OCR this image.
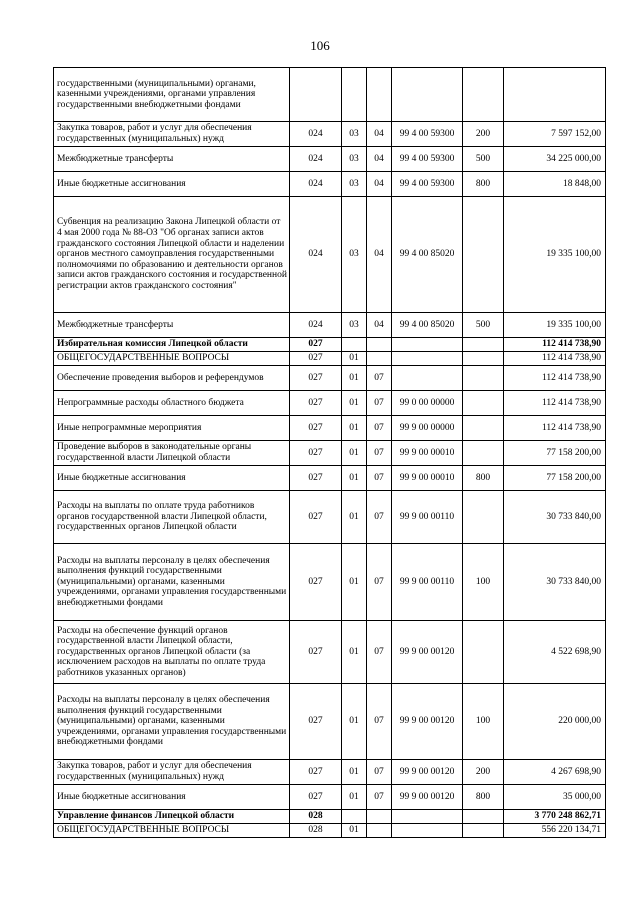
106
государственными (муниципальными) органами, казенными учреждениями, органами управления государственными внебюджетными фондами						
Закупка товаров, работ и услуг для обеспечения государственных (муниципальных) нужд	024	03	04	99 4 00 59300	200	7 597 152,00
Межбюджетные трансферты	024	03	04	99 4 00 59300	500	34 225 000,00
Иные бюджетные ассигнования	024	03	04	99 4 00 59300	800	18 848,00
Субвенция на реализацию Закона Липецкой области от 4 мая 2000 года № 88-ОЗ "Об органах записи актов гражданского состояния Липецкой области и наделении органов местного самоуправления государственными полномочиями по образованию и деятельности органов записи актов гражданского состояния и государственной регистрации актов гражданского состояния"	024	03	04	99 4 00 85020		19 335 100,00
Межбюджетные трансферты	024	03	04	99 4 00 85020	500	19 335 100,00
Избирательная комиссия Липецкой области	027					112 414 738,90
ОБЩЕГОСУДАРСТВЕННЫЕ ВОПРОСЫ	027	01				112 414 738,90
Обеспечение проведения выборов и референдумов	027	01	07			112 414 738,90
Непрограммные расходы областного бюджета	027	01	07	99 0 00 00000		112 414 738,90
Иные непрограммные мероприятия	027	01	07	99 9 00 00000		112 414 738,90
Проведение выборов в законодательные органы государственной власти Липецкой области	027	01	07	99 9 00 00010		77 158 200,00
Иные бюджетные ассигнования	027	01	07	99 9 00 00010	800	77 158 200,00
Расходы на выплаты по оплате труда работников органов государственной власти Липецкой области, государственных органов Липецкой области	027	01	07	99 9 00 00110		30 733 840,00
Расходы на выплаты персоналу в целях обеспечения выполнения функций государственными (муниципальными) органами, казенными учреждениями, органами управления государственными внебюджетными фондами	027	01	07	99 9 00 00110	100	30 733 840,00
Расходы на обеспечение функций органов государственной власти Липецкой области, государственных органов Липецкой области (за исключением расходов на выплаты по оплате труда работников указанных органов)	027	01	07	99 9 00 00120		4 522 698,90
Расходы на выплаты персоналу в целях обеспечения выполнения функций государственными (муниципальными) органами, казенными учреждениями, органами управления государственными внебюджетными фондами	027	01	07	99 9 00 00120	100	220 000,00
Закупка товаров, работ и услуг для обеспечения государственных (муниципальных) нужд	027	01	07	99 9 00 00120	200	4 267 698,90
Иные бюджетные ассигнования	027	01	07	99 9 00 00120	800	35 000,00
Управление финансов Липецкой области	028					3 770 248 862,71
ОБЩЕГОСУДАРСТВЕННЫЕ ВОПРОСЫ	028	01				556 220 134,71
